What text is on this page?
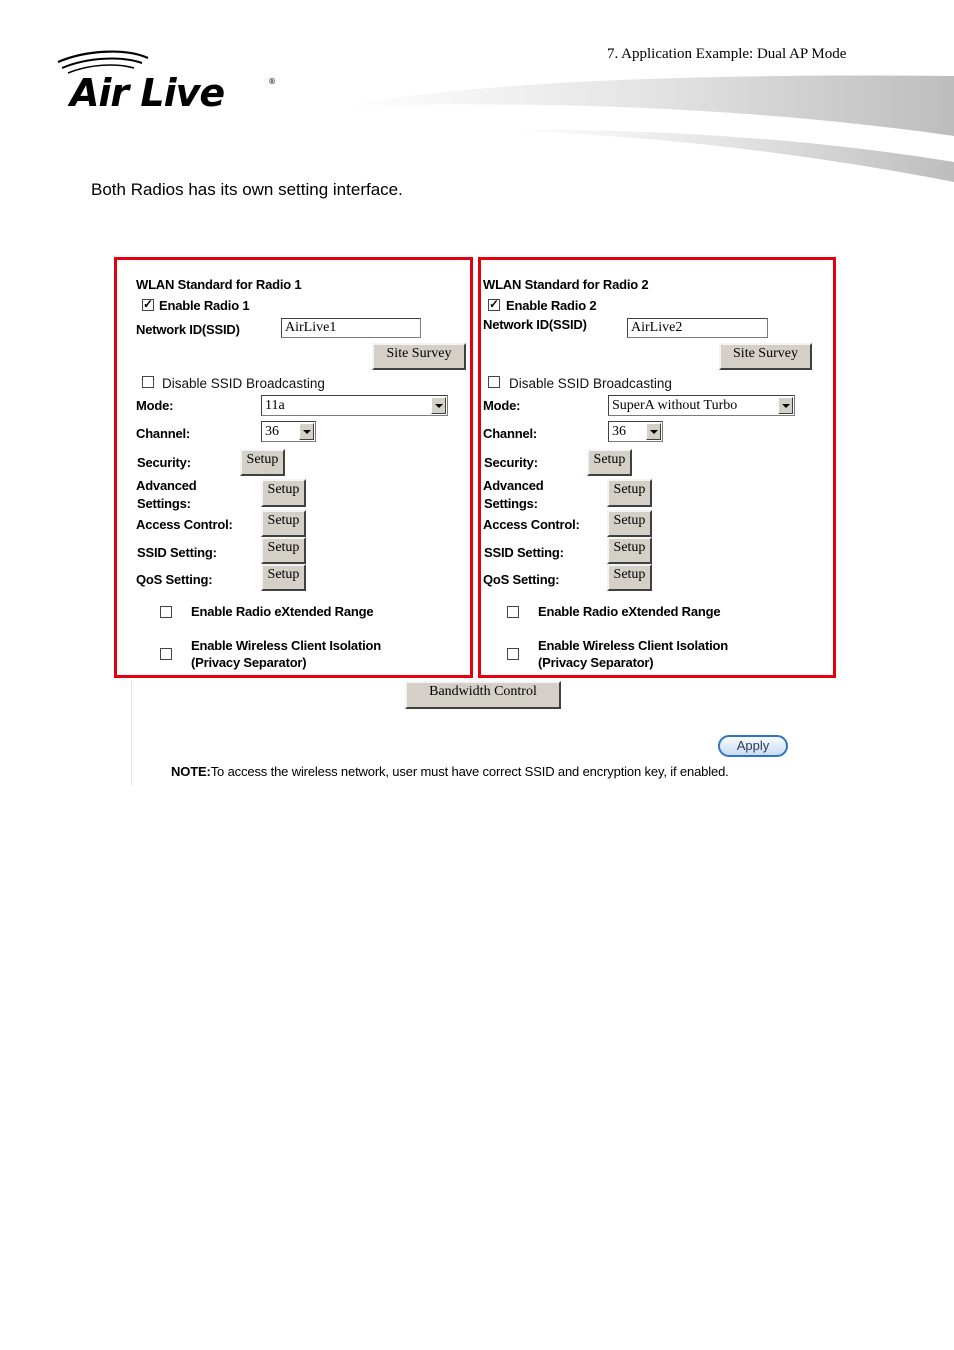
7. Application Example: Dual AP Mode
Air Live	®
Both Radios has its own setting interface.
WLAN Standard for Radio 1
✓
Enable Radio 1
Network ID(SSID)	AirLive1
Site Survey
Disable SSID Broadcasting
Mode:	11a
Channel:	36
Security:	Setup
Advanced
Settings:
Setup
Access Control:	Setup
SSID Setting:	Setup
QoS Setting:	Setup
Enable Radio eXtended Range
Enable Wireless Client Isolation
(Privacy Separator)
WLAN Standard for Radio 2
✓
Enable Radio 2
Network ID(SSID)	AirLive2
Site Survey
Disable SSID Broadcasting
Mode:	SuperA without Turbo
Channel:	36
Security:	Setup
Advanced
Settings:
Setup
Access Control:	Setup
SSID Setting:	Setup
QoS Setting:	Setup
Enable Radio eXtended Range
Enable Wireless Client Isolation
(Privacy Separator)
Bandwidth Control
Apply
NOTE:To access the wireless network, user must have correct SSID and encryption key, if enabled.
